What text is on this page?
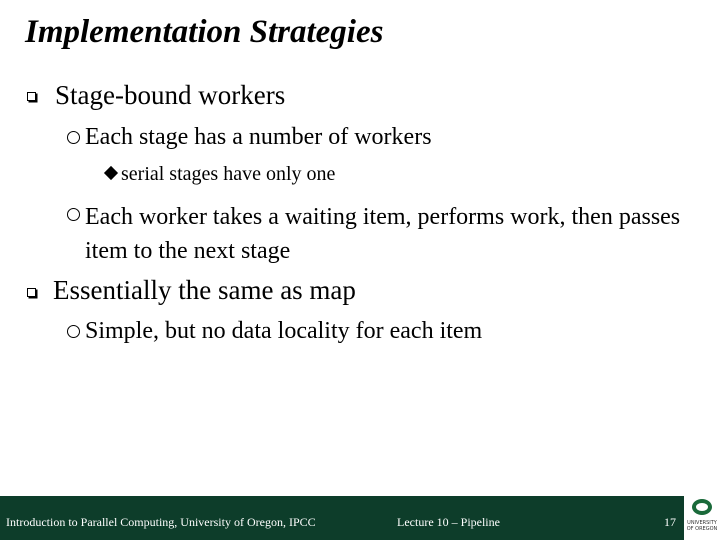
Implementation Strategies
Stage-bound workers
Each stage has a number of workers
serial stages have only one
Each worker takes a waiting item, performs work, then passes item to the next stage
Essentially the same as map
Simple, but no data locality for each item
Introduction to Parallel Computing, University of Oregon, IPCC	Lecture 10 – Pipeline	17	UNIVERSITY OF OREGON
